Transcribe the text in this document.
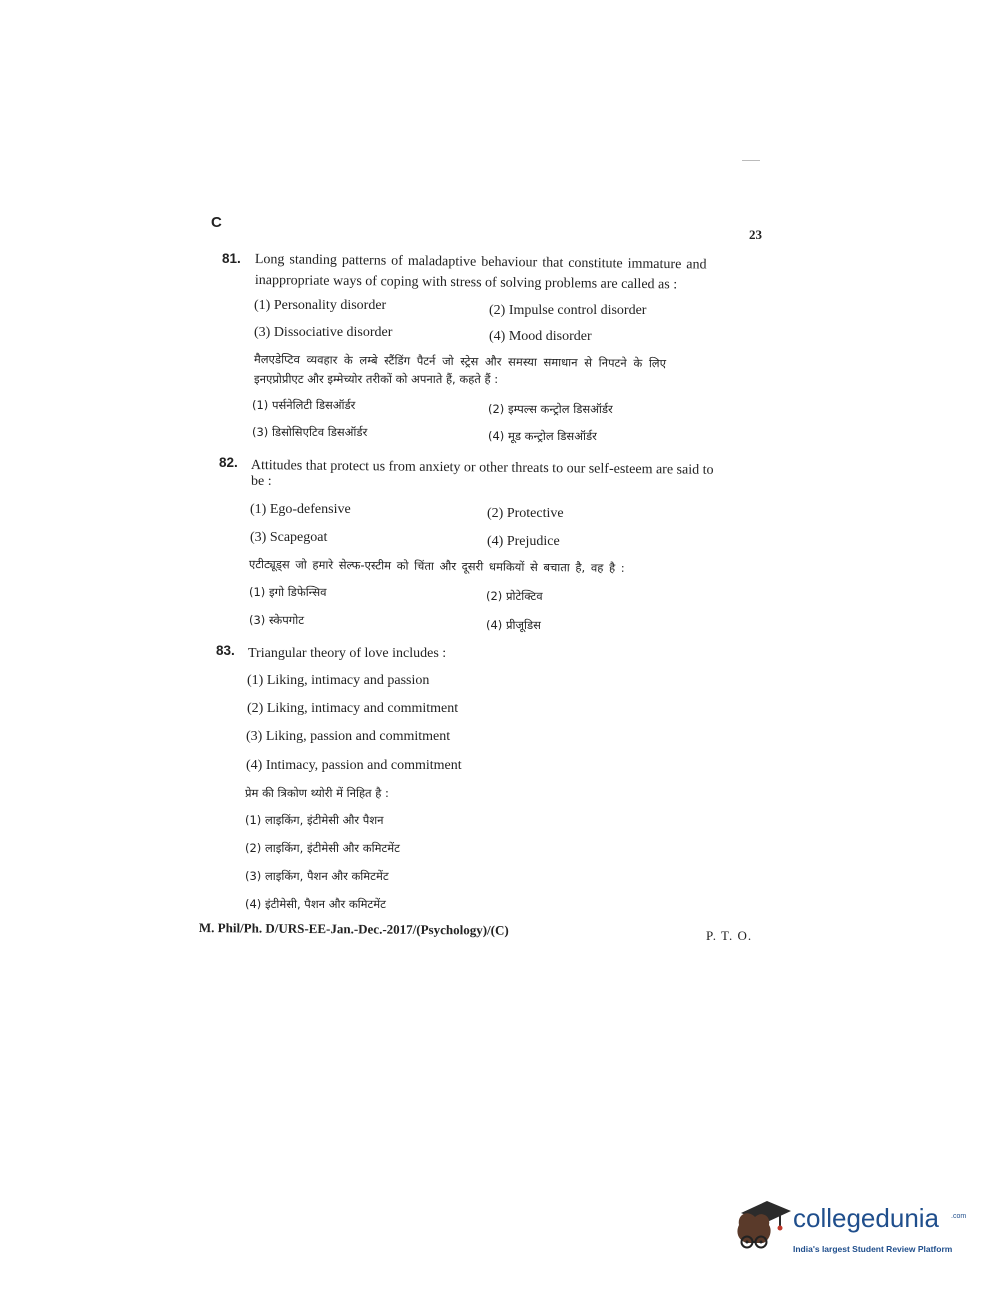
C
23
81. Long standing patterns of maladaptive behaviour that constitute immature and
inappropriate ways of coping with stress of solving problems are called as :
(1) Personality disorder	(2) Impulse control disorder
(3) Dissociative disorder	(4) Mood disorder
मैलएडेप्टिव व्यवहार के लम्बे स्टैंडिंग पैटर्न जो स्ट्रेस और समस्या समाधान से निपटने के लिए
इनएप्रोप्रीएट और इम्मेच्योर तरीकों को अपनाते हैं, कहते हैं :
(1) पर्सनेलिटी डिसऑर्डर	(2) इम्पल्स कन्ट्रोल डिसऑर्डर
(3) डिसोसिएटिव डिसऑर्डर	(4) मूड कन्ट्रोल डिसऑर्डर
82. Attitudes that protect us from anxiety or other threats to our self-esteem are said to
be :
(1) Ego-defensive	(2) Protective
(3) Scapegoat	(4) Prejudice
एटीट्यूड्स जो हमारे सेल्फ-एस्टीम को चिंता और दूसरी धमकियों से बचाता है, वह है :
(1) इगो डिफेन्सिव	(2) प्रोटेक्टिव
(3) स्केपगोट	(4) प्रीजूडिस
83. Triangular theory of love includes :
(1) Liking, intimacy and passion
(2) Liking, intimacy and commitment
(3) Liking, passion and commitment
(4) Intimacy, passion and commitment
प्रेम की त्रिकोण थ्योरी में निहित है :
(1) लाइकिंग, इंटीमेसी और पैशन
(2) लाइकिंग, इंटीमेसी और कमिटमेंट
(3) लाइकिंग, पैशन और कमिटमेंट
(4) इंटीमेसी, पैशन और कमिटमेंट
M. Phil/Ph. D/URS-EE-Jan.-Dec.-2017/(Psychology)/(C)	P. T. O.
collegedunia .com
India's largest Student Review Platform
